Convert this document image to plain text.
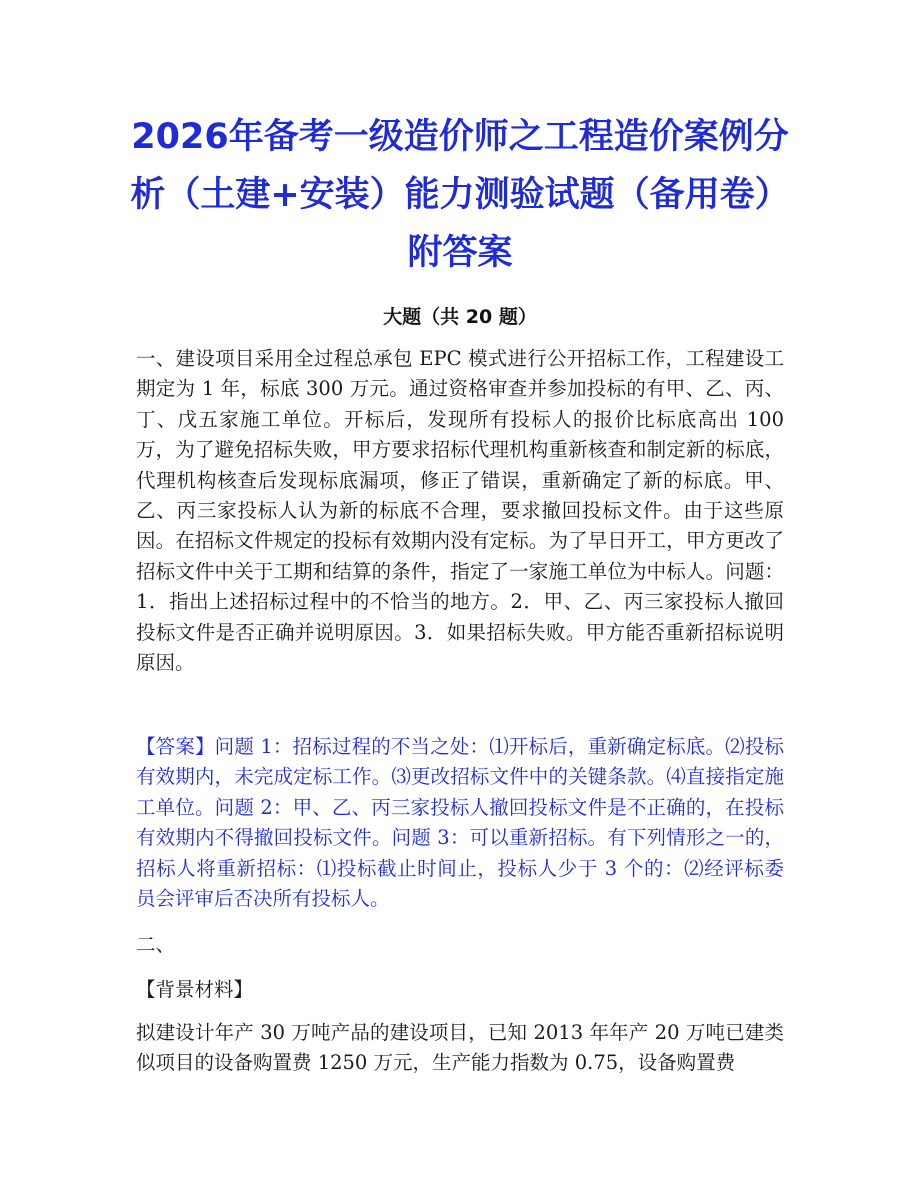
2026年备考一级造价师之工程造价案例分析（土建+安装）能力测验试题（备用卷）附答案
大题（共 20 题）
一、建设项目采用全过程总承包 EPC 模式进行公开招标工作，工程建设工期定为 1 年，标底 300 万元。通过资格审查并参加投标的有甲、乙、丙、丁、戊五家施工单位。开标后，发现所有投标人的报价比标底高出 100 万，为了避免招标失败，甲方要求招标代理机构重新核查和制定新的标底，代理机构核查后发现标底漏项，修正了错误，重新确定了新的标底。甲、乙、丙三家投标人认为新的标底不合理，要求撤回投标文件。由于这些原因。在招标文件规定的投标有效期内没有定标。为了早日开工，甲方更改了招标文件中关于工期和结算的条件，指定了一家施工单位为中标人。问题：1．指出上述招标过程中的不恰当的地方。2．甲、乙、丙三家投标人撤回投标文件是否正确并说明原因。3．如果招标失败。甲方能否重新招标说明原因。
【答案】问题 1：招标过程的不当之处：⑴开标后，重新确定标底。⑵投标有效期内，未完成定标工作。⑶更改招标文件中的关键条款。⑷直接指定施工单位。问题 2：甲、乙、丙三家投标人撤回投标文件是不正确的，在投标有效期内不得撤回投标文件。问题 3：可以重新招标。有下列情形之一的，招标人将重新招标：⑴投标截止时间止，投标人少于 3 个的：⑵经评标委员会评审后否决所有投标人。
二、
【背景材料】
拟建设计年产 30 万吨产品的建设项目，已知 2013 年年产 20 万吨已建类似项目的设备购置费 1250 万元，生产能力指数为 0.75，设备购置费
